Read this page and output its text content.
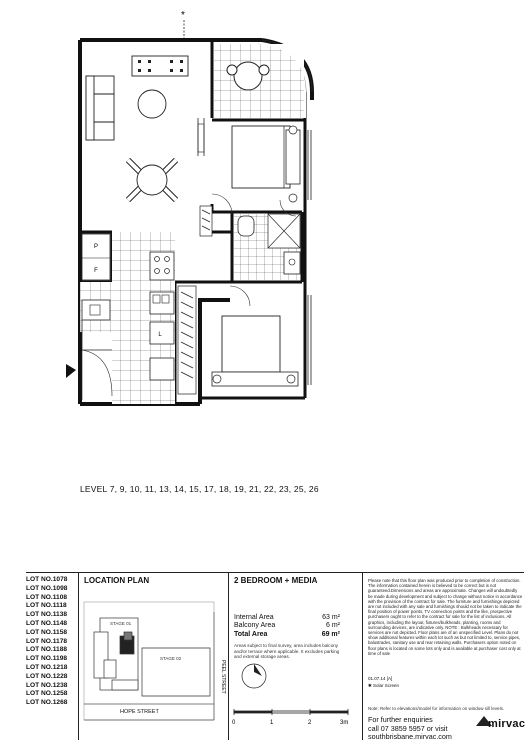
*
P
F
L
STAGE 01
STAGE 02
HOPE STREET
PEEL STREET
0	1	2	3m
LEVEL 7, 9, 10, 11, 13, 14, 15, 17, 18, 19, 21, 22, 23, 25, 26
LOT NO.1078
LOT NO.1098
LOT NO.1108
LOT NO.1118
LOT NO.1138
LOT NO.1148
LOT NO.1158
LOT NO.1178
LOT NO.1188
LOT NO.1198
LOT NO.1218
LOT NO.1228
LOT NO.1238
LOT NO.1258
LOT NO.1268
LOCATION PLAN	2 BEDROOM + MEDIA
Internal Area	63 m²
Balcony Area	6 m²
Total Area	69 m²
Areas subject to final survey, area includes balcony and/or terrace where applicable. It excludes parking and external storage areas.
Please note that this floor plan was produced prior to completion of construction. The information contained herein is believed to be correct but is not guaranteed.Dimensions and areas are approximate. Changes will undoubtedly be made during development and subject to change without notice in accordance with the provision of the contract for sale. The furniture and furnishings depicted are not included with any sale and furnishings should not be taken to indicate the final position of power points, TV connection points and the like, prospective purchasers ought to refer to the contract for sale for the list of inclusions. All graphics, including the layout, fixtures/bulkheads, planting, rooms and surrounding devices, are indicative only. NOTE : Bulkheads necessary for services are not depicted. Floor plans are of an unspecified Level. Plans do not show additional features within each lot such as but not limited to, service pipes, balustrades, sanitary use and rear retaining walls. Purchasers option noted on floor plans is located on some lots only and is available at purchaser cost only at time of sale
01.07.14 [A]
✱ Solar Screen
Note: Refer to elevations/model for information on window sill levels.
For further enquiries
call 07 3859 5957 or visit
southbrisbane.mirvac.com
mirvac
